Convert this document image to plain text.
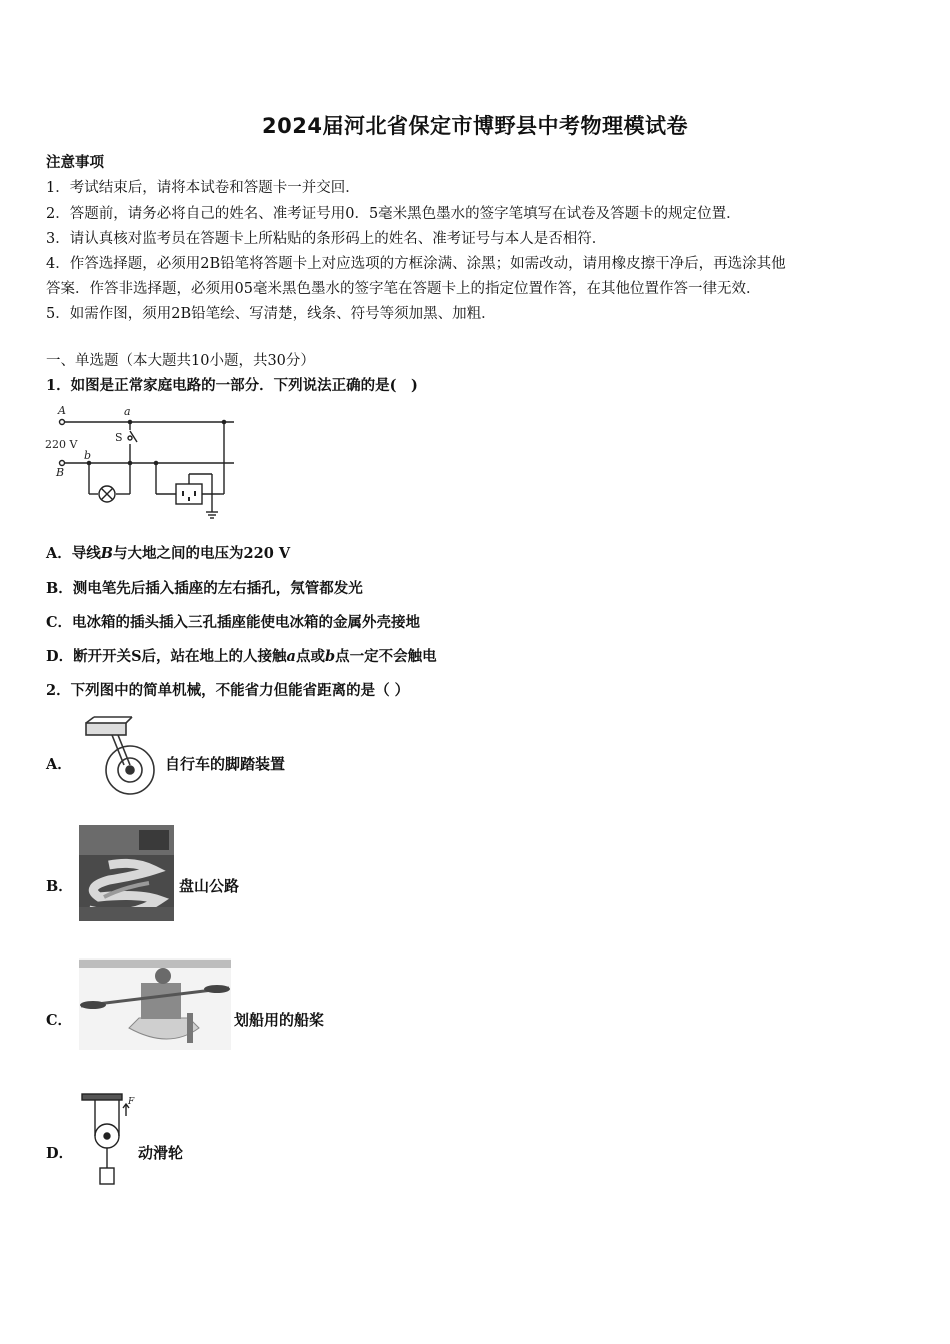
2024届河北省保定市博野县中考物理模试卷
注意事项
1．考试结束后，请将本试卷和答题卡一并交回．
2．答题前，请务必将自己的姓名、准考证号用0．5毫米黑色墨水的签字笔填写在试卷及答题卡的规定位置．
3．请认真核对监考员在答题卡上所粘贴的条形码上的姓名、准考证号与本人是否相符．
4．作答选择题，必须用2B铅笔将答题卡上对应选项的方框涂满、涂黑；如需改动，请用橡皮擦干净后，再选涂其他
答案．作答非选择题，必须用05毫米黑色墨水的签字笔在答题卡上的指定位置作答，在其他位置作答一律无效．
5．如需作图，须用2B铅笔绘、写清楚，线条、符号等须加黑、加粗．
一、单选题（本大题共10小题，共30分）
1．如图是正常家庭电路的一部分．下列说法正确的是(　)
A	a
S
220 V
b
B
A．导线B与大地之间的电压为220 V
B．测电笔先后插入插座的左右插孔，氖管都发光
C．电冰箱的插头插入三孔插座能使电冰箱的金属外壳接地
D．断开开关S后，站在地上的人接触a点或b点一定不会触电
2．下列图中的简单机械，不能省力但能省距离的是（ ）
A．	自行车的脚踏装置
B．	盘山公路
C．	划船用的船桨
D．
F
动滑轮
